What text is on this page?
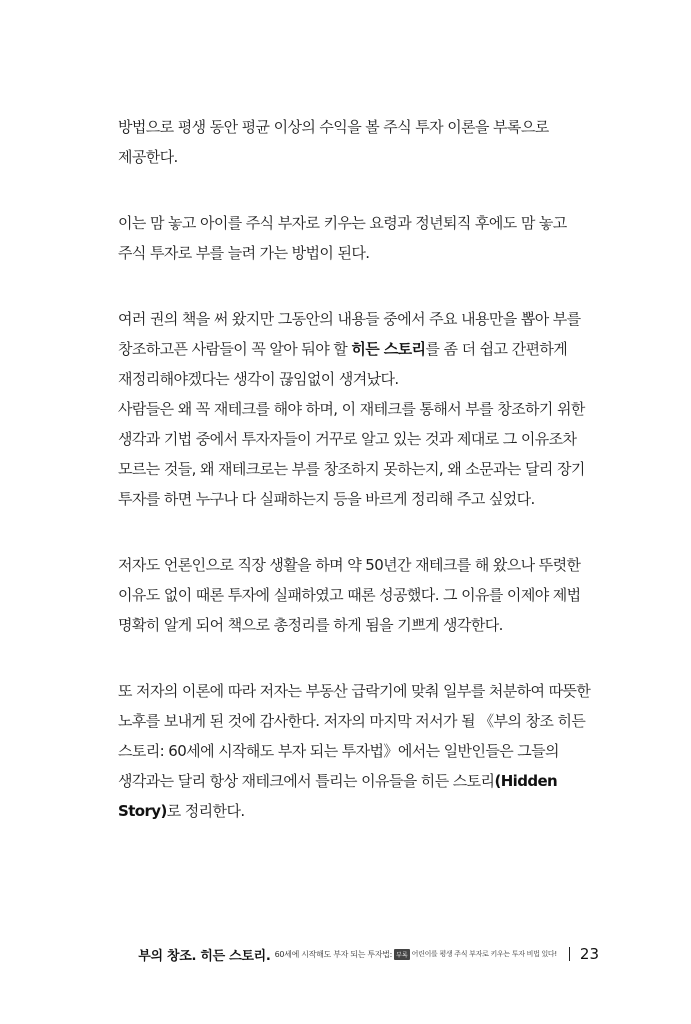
방법으로 평생 동안 평균 이상의 수익을 볼 주식 투자 이론을 부록으로 제공한다.

이는 맘 놓고 아이를 주식 부자로 키우는 요령과 정년퇴직 후에도 맘 놓고 주식 투자로 부를 늘려 가는 방법이 된다.

여러 권의 책을 써 왔지만 그동안의 내용들 중에서 주요 내용만을 뽑아 부를 창조하고픈 사람들이 꼭 알아 둬야 할 히든 스토리를 좀 더 쉽고 간편하게 재정리해야겠다는 생각이 끊임없이 생겨났다.

사람들은 왜 꼭 재테크를 해야 하며, 이 재테크를 통해서 부를 창조하기 위한 생각과 기법 중에서 투자자들이 거꾸로 알고 있는 것과 제대로 그 이유조차 모르는 것들, 왜 재테크로는 부를 창조하지 못하는지, 왜 소문과는 달리 장기 투자를 하면 누구나 다 실패하는지 등을 바르게 정리해 주고 싶었다.

저자도 언론인으로 직장 생활을 하며 약 50년간 재테크를 해 왔으나 뚜렷한 이유도 없이 때론 투자에 실패하였고 때론 성공했다. 그 이유를 이제야 제법 명확히 알게 되어 책으로 총정리를 하게 됨을 기쁘게 생각한다.

또 저자의 이론에 따라 저자는 부동산 급락기에 맞춰 일부를 처분하여 따뜻한 노후를 보내게 된 것에 감사한다. 저자의 마지막 저서가 될 《부의 창조 히든 스토리: 60세에 시작해도 부자 되는 투자법》에서는 일반인들은 그들의 생각과는 달리 항상 재테크에서 틀리는 이유들을 히든 스토리(Hidden Story)로 정리한다.

부의 창조. 히든 스토리. 60세에 시작해도 부자 되는 투자법: 부록 어린이를 평생 주식 부자로 키우는 투자 비법 있다! 23
